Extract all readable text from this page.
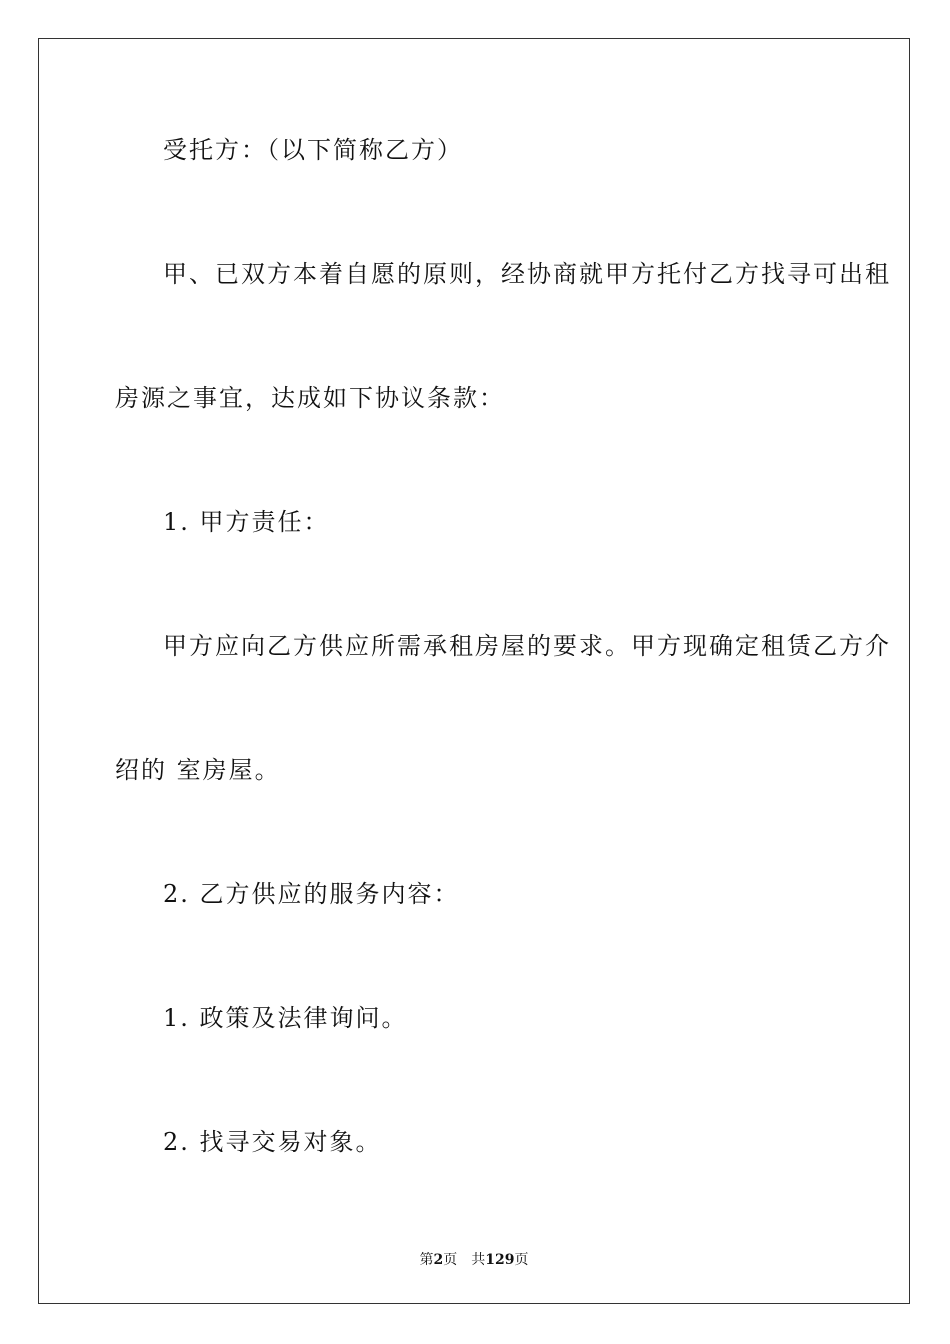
受托方：（以下简称乙方）
甲、已双方本着自愿的原则，经协商就甲方托付乙方找寻可出租
房源之事宜，达成如下协议条款：
1. 甲方责任：
甲方应向乙方供应所需承租房屋的要求。甲方现确定租赁乙方介
绍的 室房屋。
2. 乙方供应的服务内容：
1. 政策及法律询问。
2. 找寻交易对象。
第2页 共129页
